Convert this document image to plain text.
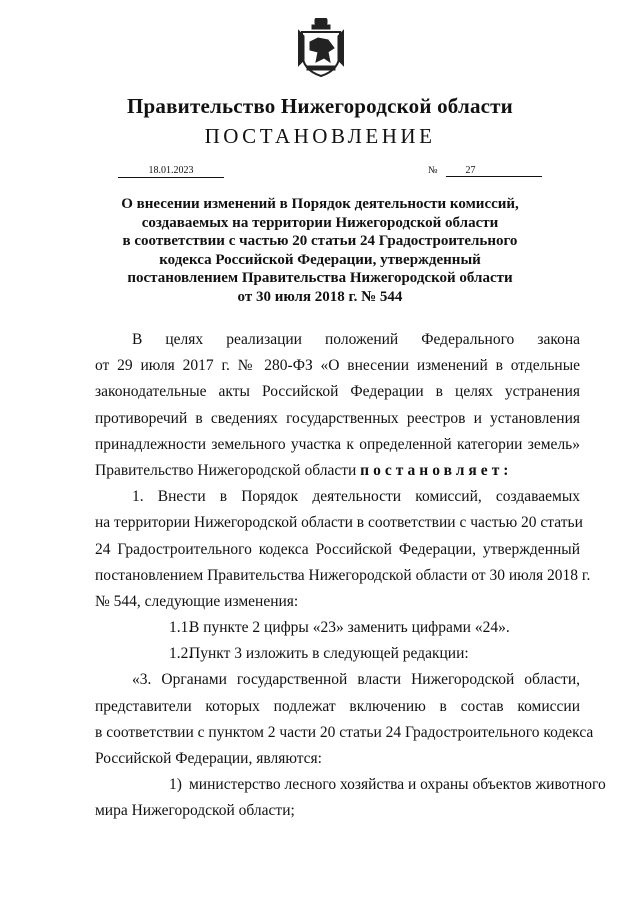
Правительство Нижегородской области
ПОСТАНОВЛЕНИЕ
18.01.2023	№	27
О внесении изменений в Порядок деятельности комиссий,
создаваемых на территории Нижегородской области
в соответствии с частью 20 статьи 24 Градостроительного
кодекса Российской Федерации, утвержденный
постановлением Правительства Нижегородской области
от 30 июля 2018 г. № 544
В целях реализации положений Федерального закона
от 29 июля 2017 г. № 280-ФЗ «О внесении изменений в отдельные
законодательные акты Российской Федерации в целях устранения
противоречий в сведениях государственных реестров и установления
принадлежности земельного участка к определенной категории земель»
Правительство Нижегородской области постановляет:
1. Внести в Порядок деятельности комиссий, создаваемых
на территории Нижегородской области в соответствии с частью 20 статьи
24 Градостроительного кодекса Российской Федерации, утвержденный
постановлением Правительства Нижегородской области от 30 июля 2018 г.
№ 544, следующие изменения:
1.1.В пункте 2 цифры «23» заменить цифрами «24».
1.2.Пункт 3 изложить в следующей редакции:
«3. Органами государственной власти Нижегородской области,
представители которых подлежат включению в состав комиссии
в соответствии с пунктом 2 части 20 статьи 24 Градостроительного кодекса
Российской Федерации, являются:
1) министерство лесного хозяйства и охраны объектов животного
мира Нижегородской области;
